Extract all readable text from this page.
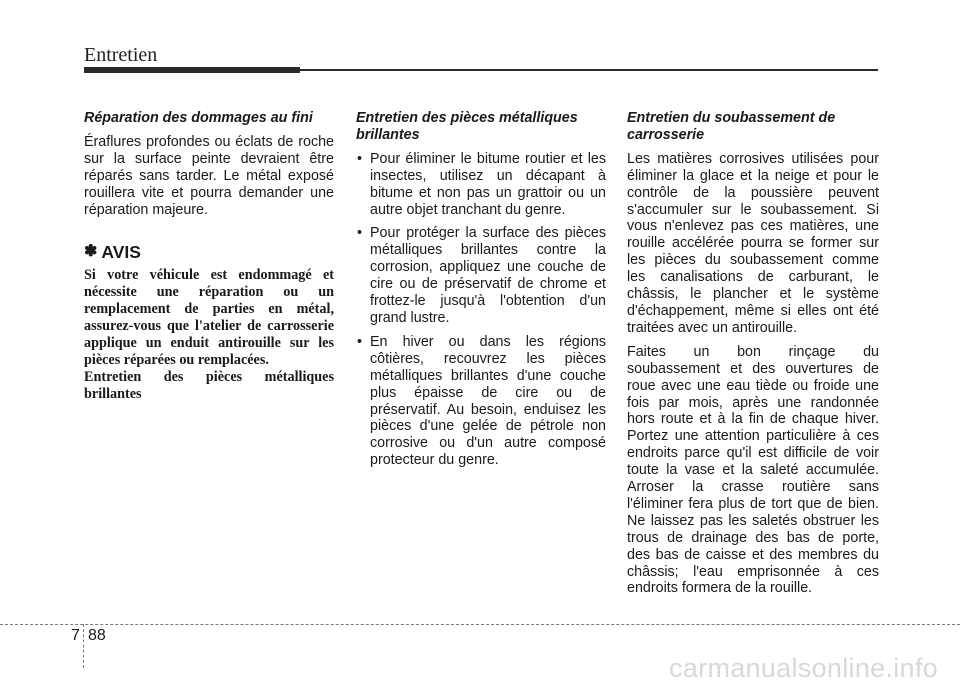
Entretien
Réparation des dommages au fini
Éraflures profondes ou éclats de roche sur la surface peinte devraient être réparés sans tarder. Le métal exposé rouillera vite et pourra demander une réparation majeure.
✽ AVIS
Si votre véhicule est endommagé et nécessite une réparation ou un remplacement de parties en métal, assurez-vous que l'atelier de carrosserie applique un enduit antirouille sur les pièces réparées ou remplacées.
Entretien des pièces métalliques brillantes
Entretien des pièces métalliques brillantes
• Pour éliminer le bitume routier et les insectes, utilisez un décapant à bitume et non pas un grattoir ou un autre objet tranchant du genre.
• Pour protéger la surface des pièces métalliques brillantes contre la corrosion, appliquez une couche de cire ou de préservatif de chrome et frottez-le jusqu'à l'obtention d'un grand lustre.
• En hiver ou dans les régions côtières, recouvrez les pièces métalliques brillantes d'une couche plus épaisse de cire ou de préservatif. Au besoin, enduisez les pièces d'une gelée de pétrole non corrosive ou d'un autre composé protecteur du genre.
Entretien du soubassement de carrosserie
Les matières corrosives utilisées pour éliminer la glace et la neige et pour le contrôle de la poussière peuvent s'accumuler sur le soubassement. Si vous n'enlevez pas ces matières, une rouille accélérée pourra se former sur les pièces du soubassement comme les canalisations de carburant, le châssis, le plancher et le système d'échappement, même si elles ont été traitées avec un antirouille.
Faites un bon rinçage du soubassement et des ouvertures de roue avec une eau tiède ou froide une fois par mois, après une randonnée hors route et à la fin de chaque hiver. Portez une attention particulière à ces endroits parce qu'il est difficile de voir toute la vase et la saleté accumulée. Arroser la crasse routière sans l'éliminer fera plus de tort que de bien. Ne laissez pas les saletés obstruer les trous de drainage des bas de porte, des bas de caisse et des membres du châssis; l'eau emprisonnée à ces endroits formera de la rouille.
7 88
carmanualsonline.info
